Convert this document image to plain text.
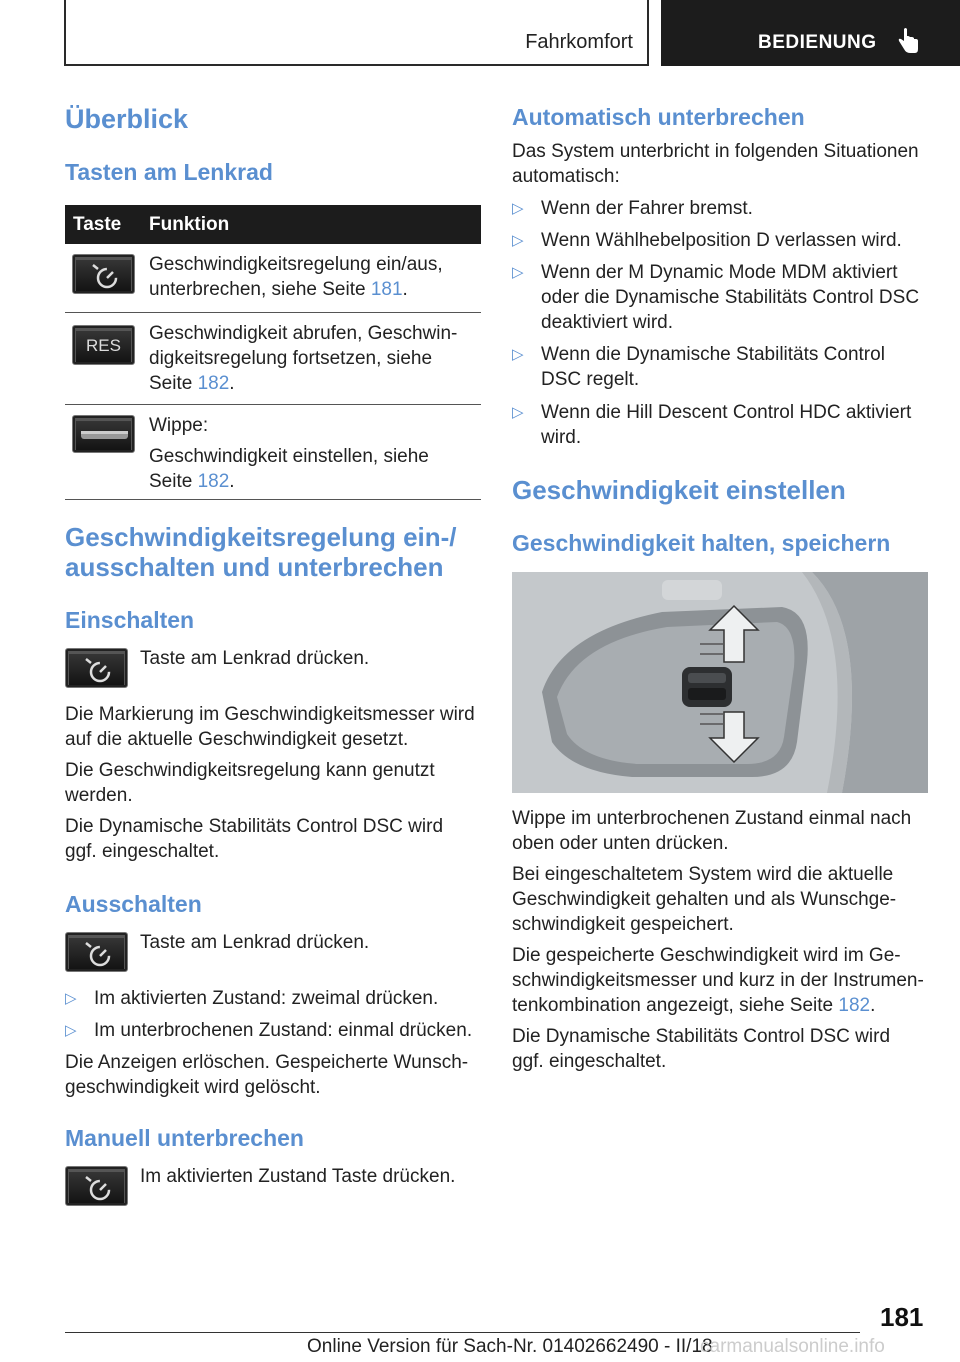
Fahrkomfort	BEDIENUNG
Überblick
Tasten am Lenkrad
Taste Funktion
Geschwindigkeitsregelung ein/aus,
unterbrechen, siehe Seite 181.
RES
Geschwindigkeit abrufen, Geschwin-
digkeitsregelung fortsetzen, siehe
Seite 182.
Wippe:
Geschwindigkeit einstellen, siehe
Seite 182.
Geschwindigkeitsregelung ein-/
ausschalten und unterbrechen
Einschalten
Taste am Lenkrad drücken.
Die Markierung im Geschwindigkeitsmesser wird
auf die aktuelle Geschwindigkeit gesetzt.
Die Geschwindigkeitsregelung kann genutzt
werden.
Die Dynamische Stabilitäts Control DSC wird
ggf. eingeschaltet.
Ausschalten
Taste am Lenkrad drücken.
▷ Im aktivierten Zustand: zweimal drücken.
▷ Im unterbrochenen Zustand: einmal drücken.
Die Anzeigen erlöschen. Gespeicherte Wunsch-
geschwindigkeit wird gelöscht.
Manuell unterbrechen
Im aktivierten Zustand Taste drücken.
Automatisch unterbrechen
Das System unterbricht in folgenden Situationen
automatisch:
▷ Wenn der Fahrer bremst.
▷ Wenn Wählhebelposition D verlassen wird.
▷ Wenn der M Dynamic Mode MDM aktiviert
oder die Dynamische Stabilitäts Control DSC
deaktiviert wird.
▷ Wenn die Dynamische Stabilitäts Control
DSC regelt.
▷ Wenn die Hill Descent Control HDC aktiviert
wird.
Geschwindigkeit einstellen
Geschwindigkeit halten, speichern
Wippe im unterbrochenen Zustand einmal nach
oben oder unten drücken.
Bei eingeschaltetem System wird die aktuelle
Geschwindigkeit gehalten und als Wunschge-
schwindigkeit gespeichert.
Die gespeicherte Geschwindigkeit wird im Ge-
schwindigkeitsmesser und kurz in der Instrumen-
tenkombination angezeigt, siehe Seite 182.
Die Dynamische Stabilitäts Control DSC wird
ggf. eingeschaltet.
181
Online Version für Sach-Nr. 01402662490 - II/18
carmanualsonline.info
